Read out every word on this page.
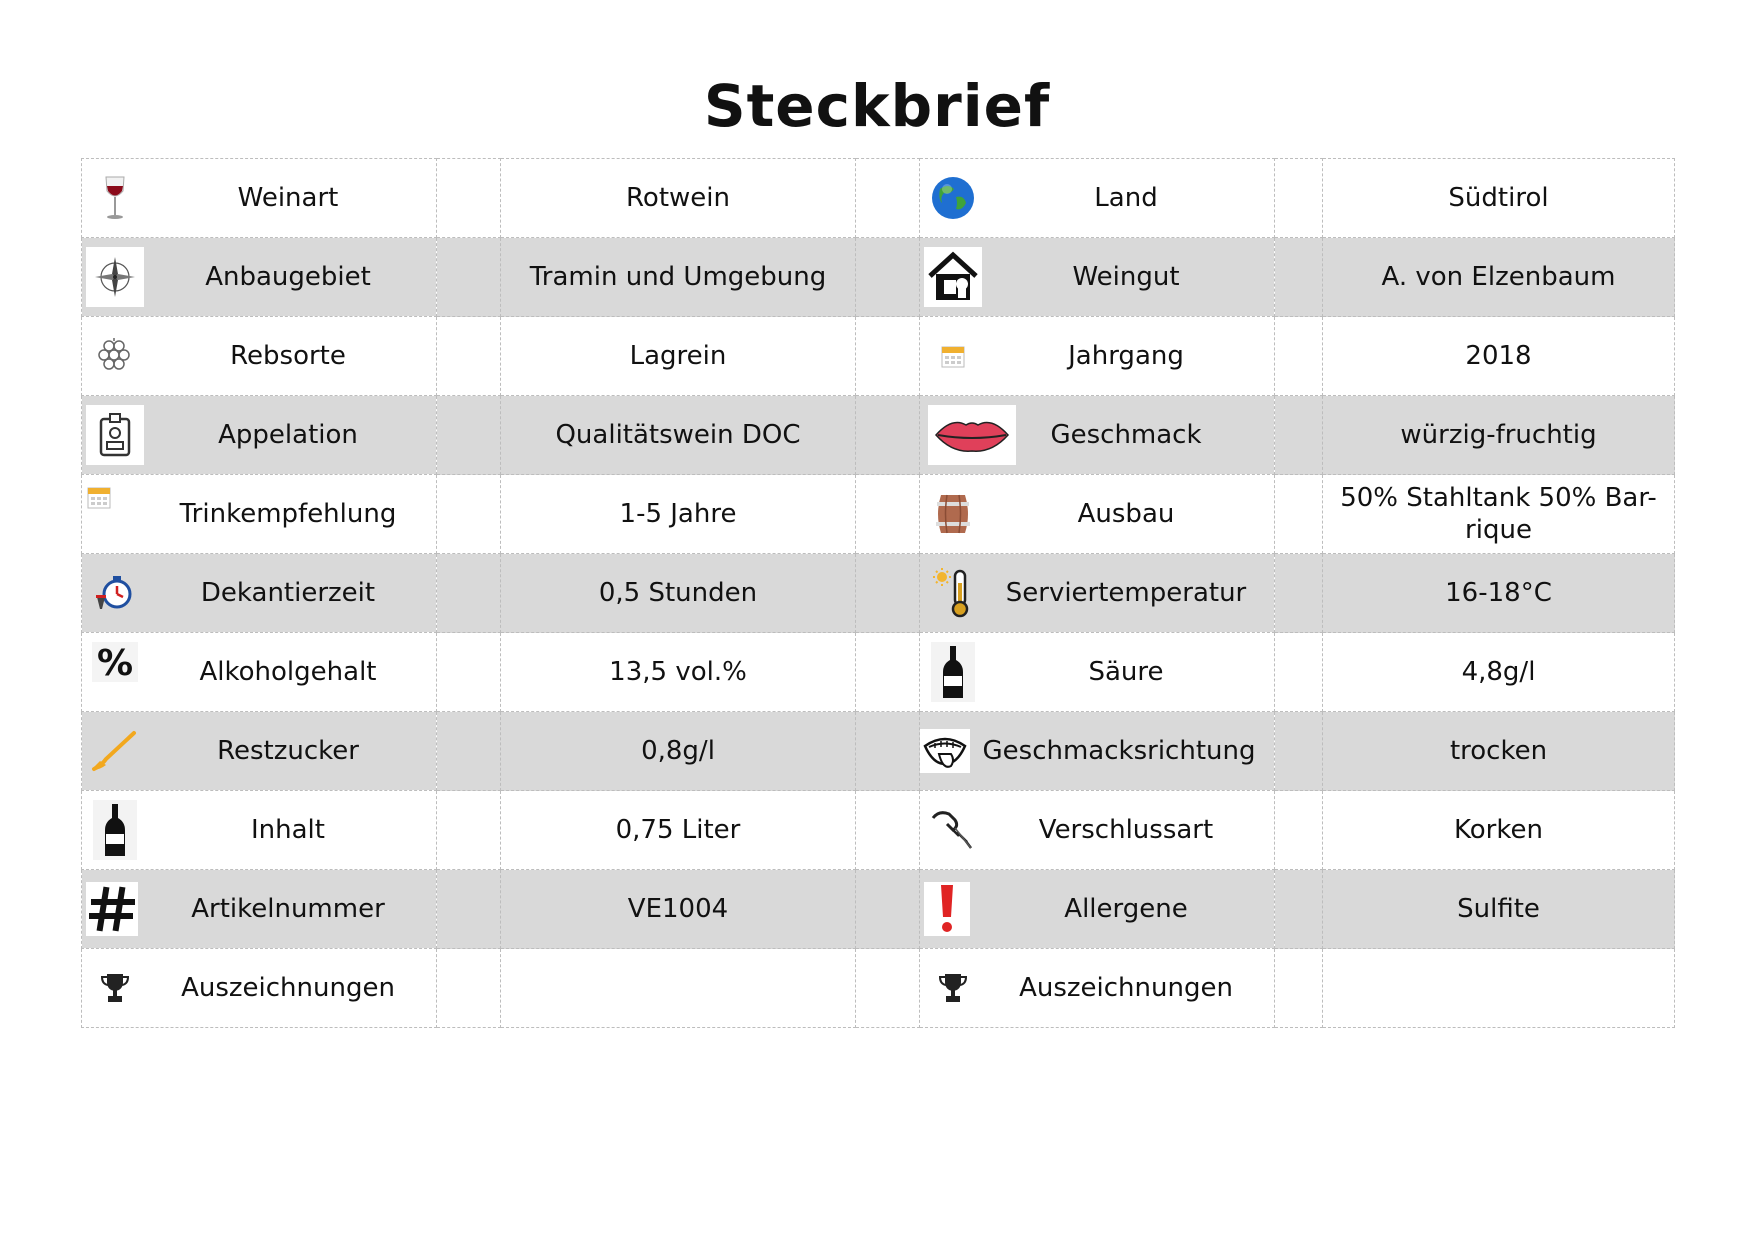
Steckbrief
Weinart		Rotwein		Land		Südtirol

Anbaugebiet		Tramin und Umgebung		Weingut		A. von Elzenbaum

Rebsorte		Lagrein		Jahrgang		2018

Appelation		Qualitätswein DOC		Geschmack		würzig-fruchtig

Trinkempfehlung		1-5 Jahre		Ausbau		50% Stahltank 50% Bar-rique

Dekantierzeit		0,5 Stunden		Serviertemperatur		16-18°C

% Alkoholgehalt		13,5 vol.%		Säure		4,8g/l

Restzucker		0,8g/l		Geschmacksrichtung		trocken

Inhalt		0,75 Liter		Verschlussart		Korken

Artikelnummer		VE1004		Allergene		Sulfite

Auszeichnungen				Auszeichnungen		
